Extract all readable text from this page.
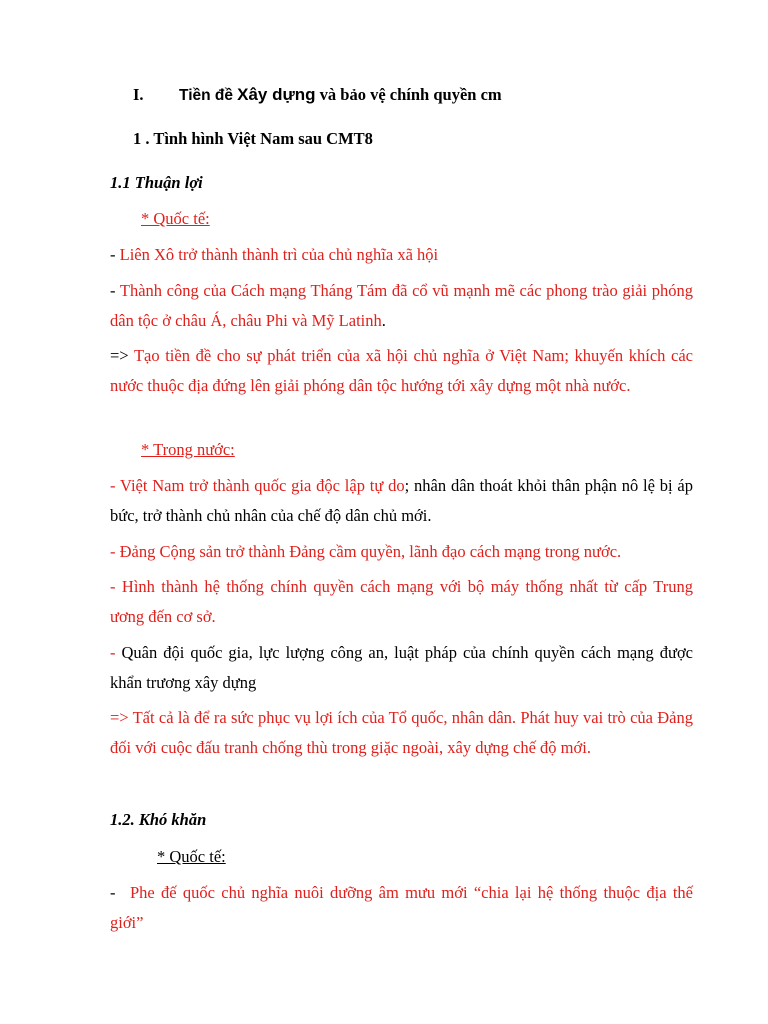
I. Tiền đề Xây dựng và bảo vệ chính quyền cm
1 . Tình hình Việt Nam sau CMT8
1.1 Thuận lợi
* Quốc tế:
- Liên Xô trở thành thành trì của chủ nghĩa xã hội
- Thành công của Cách mạng Tháng Tám đã cổ vũ mạnh mẽ các phong trào giải phóng dân tộc ở châu Á, châu Phi và Mỹ Latinh.
=> Tạo tiền đề cho sự phát triển của xã hội chủ nghĩa ở Việt Nam; khuyến khích các nước thuộc địa đứng lên giải phóng dân tộc hướng tới xây dựng một nhà nước.
* Trong nước:
- Việt Nam trở thành quốc gia độc lập tự do; nhân dân thoát khỏi thân phận nô lệ bị áp bức, trở thành chủ nhân của chế độ dân chủ mới.
- Đảng Cộng sản trở thành Đảng cầm quyền, lãnh đạo cách mạng trong nước.
- Hình thành hệ thống chính quyền cách mạng với bộ máy thống nhất từ cấp Trung ương đến cơ sở.
- Quân đội quốc gia, lực lượng công an, luật pháp của chính quyền cách mạng được khẩn trương xây dựng
=> Tất cả là để ra sức phục vụ lợi ích của Tổ quốc, nhân dân. Phát huy vai trò của Đảng đối với cuộc đấu tranh chống thù trong giặc ngoài, xây dựng chế độ mới.
1.2. Khó khăn
* Quốc tế:
- Phe đế quốc chủ nghĩa nuôi dưỡng âm mưu mới “chia lại hệ thống thuộc địa thế giới”
